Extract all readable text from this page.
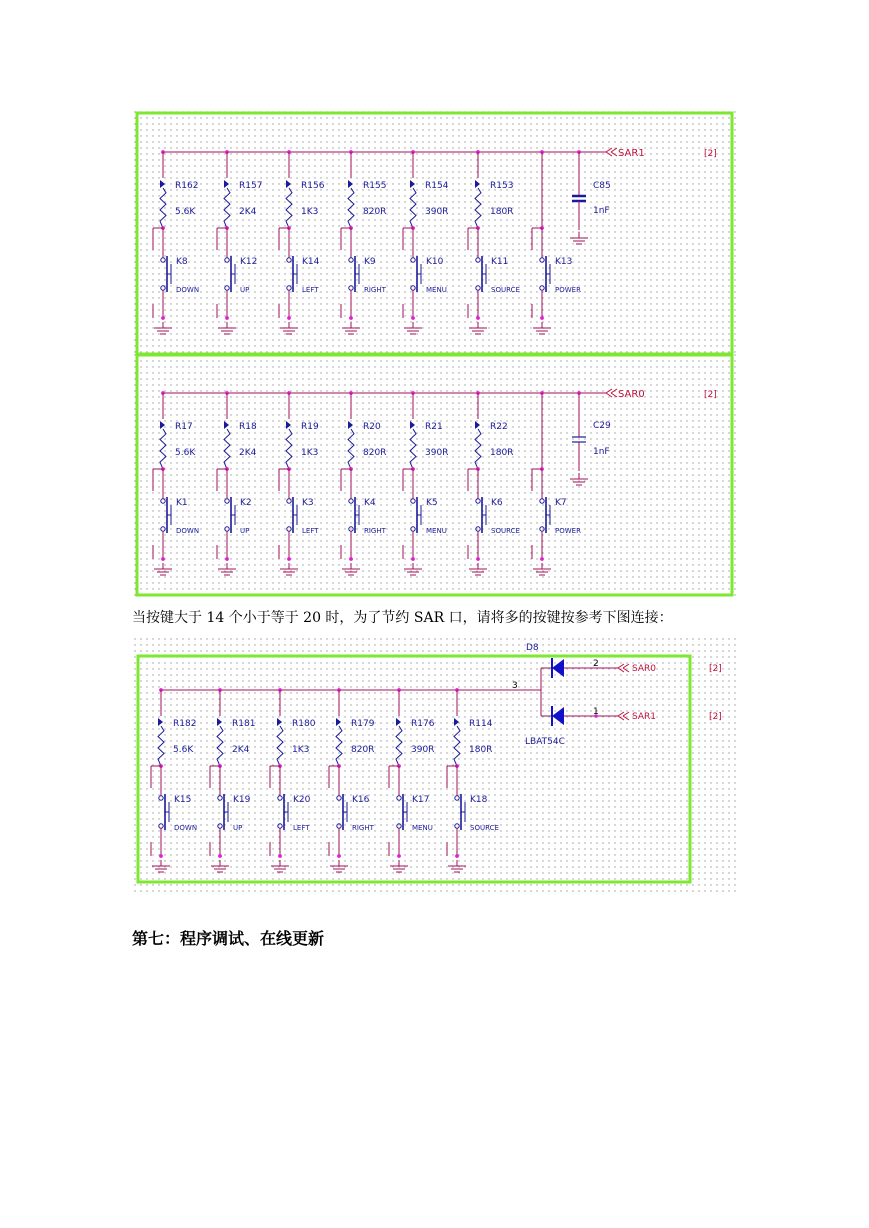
R162
5.6K
K8
DOWN
R157
2K4
K12
UP
R156
1K3
K14
LEFT
R155
820R
K9
RIGHT
R154
390R
K10
MENU
R153
180R
K11
SOURCE
K13
POWER
SAR1	[2]
C85
1nF
R17
5.6K
K1
DOWN
R18
2K4
K2
UP
R19
1K3
K3
LEFT
R20
820R
K4
RIGHT
R21
390R
K5
MENU
R22
180R
K6
SOURCE
K7
POWER
SAR0	[2]
C29
1nF
当按键大于 14 个小于等于 20 时，为了节约 SAR 口，请将多的按键按参考下图连接：
R182
5.6K
K15
DOWN
R181
2K4
K19
UP
R180
1K3
K20
LEFT
R179
820R
K16
RIGHT
R176
390R
K17
MENU
R114
180R
K18
SOURCE
D8
LBAT54C
3
2
1
SAR0
SAR1
[2]
[2]
第七：程序调试、在线更新
